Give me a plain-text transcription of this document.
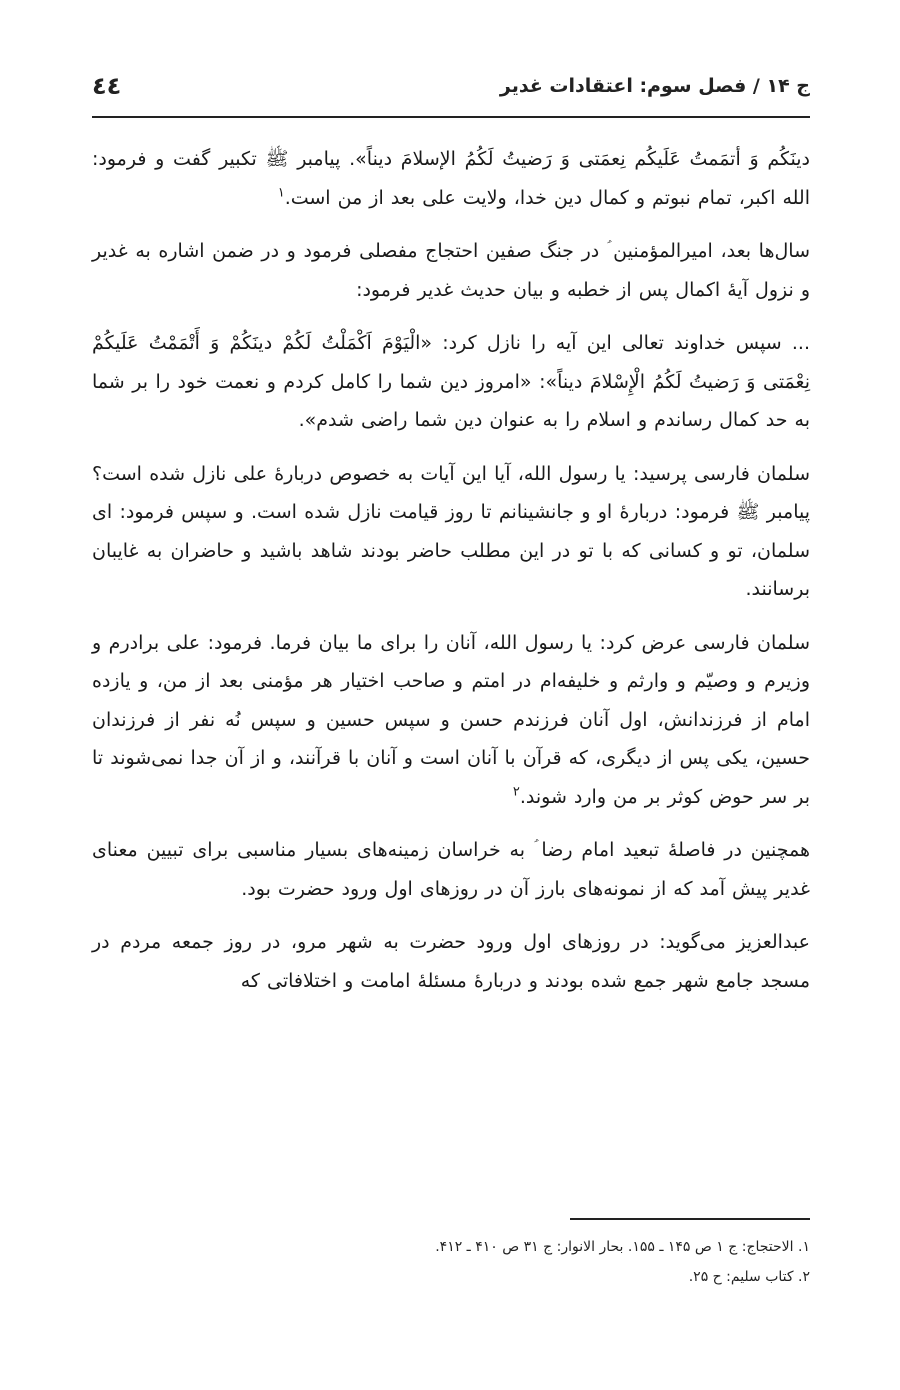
ج ۱۴ / فصل سوم: اعتقادات غدیر
٤٤

دینَکُم وَ أتمَمتُ عَلَیکُم نِعمَتی وَ رَضیتُ لَکُمُ الإسلامَ دیناً». پیامبر ﷺ تکبیر گفت و فرمود: الله اکبر، تمام نبوتم و کمال دین خدا، ولایت علی بعد از من است.$^۱$

سال‌ها بعد، امیرالمؤمنین ؑ در جنگ صفین احتجاج مفصلی فرمود و در ضمن اشاره به غدیر و نزول آیهٔ اکمال پس از خطبه و بیان حدیث غدیر فرمود:

... سپس خداوند تعالی این آیه را نازل کرد: «الْیَوْمَ اَکْمَلْتُ لَکُمْ دینَکُمْ وَ أَتْمَمْتُ عَلَیکُمْ نِعْمَتی وَ رَضیتُ لَکُمُ الْإِسْلامَ دیناً»: «امروز دین شما را کامل کردم و نعمت خود را بر شما به حد کمال رساندم و اسلام را به عنوان دین شما راضی شدم».

سلمان فارسی پرسید: یا رسول الله، آیا این آیات به خصوص دربارهٔ علی نازل شده است؟ پیامبر ﷺ فرمود: دربارهٔ او و جانشینانم تا روز قیامت نازل شده است. و سپس فرمود: ای سلمان، تو و کسانی که با تو در این مطلب حاضر بودند شاهد باشید و حاضران به غایبان برسانند.

سلمان فارسی عرض کرد: یا رسول الله، آنان را برای ما بیان فرما. فرمود: علی برادرم و وزیرم و وصیّم و وارثم و خلیفه‌ام در امتم و صاحب اختیار هر مؤمنی بعد از من، و یازده امام از فرزندانش، اول آنان فرزندم حسن و سپس حسین و سپس نُه نفر از فرزندان حسین، یکی پس از دیگری، که قرآن با آنان است و آنان با قرآنند، و از آن جدا نمی‌شوند تا بر سر حوض کوثر بر من وارد شوند.$^۲$

همچنین در فاصلهٔ تبعید امام رضا ؑ به خراسان زمینه‌های بسیار مناسبی برای تبیین معنای غدیر پیش آمد که از نمونه‌های بارز آن در روزهای اول ورود حضرت بود.

عبدالعزیز می‌گوید: در روزهای اول ورود حضرت به شهر مرو، در روز جمعه مردم در مسجد جامع شهر جمع شده بودند و دربارهٔ مسئلهٔ امامت و اختلافاتی که

۱. الاحتجاج: ج ۱ ص ۱۴۵ ـ ۱۵۵. بحار الانوار: ج ۳۱ ص ۴۱۰ ـ ۴۱۲.
۲. کتاب سلیم: ح ۲۵.
